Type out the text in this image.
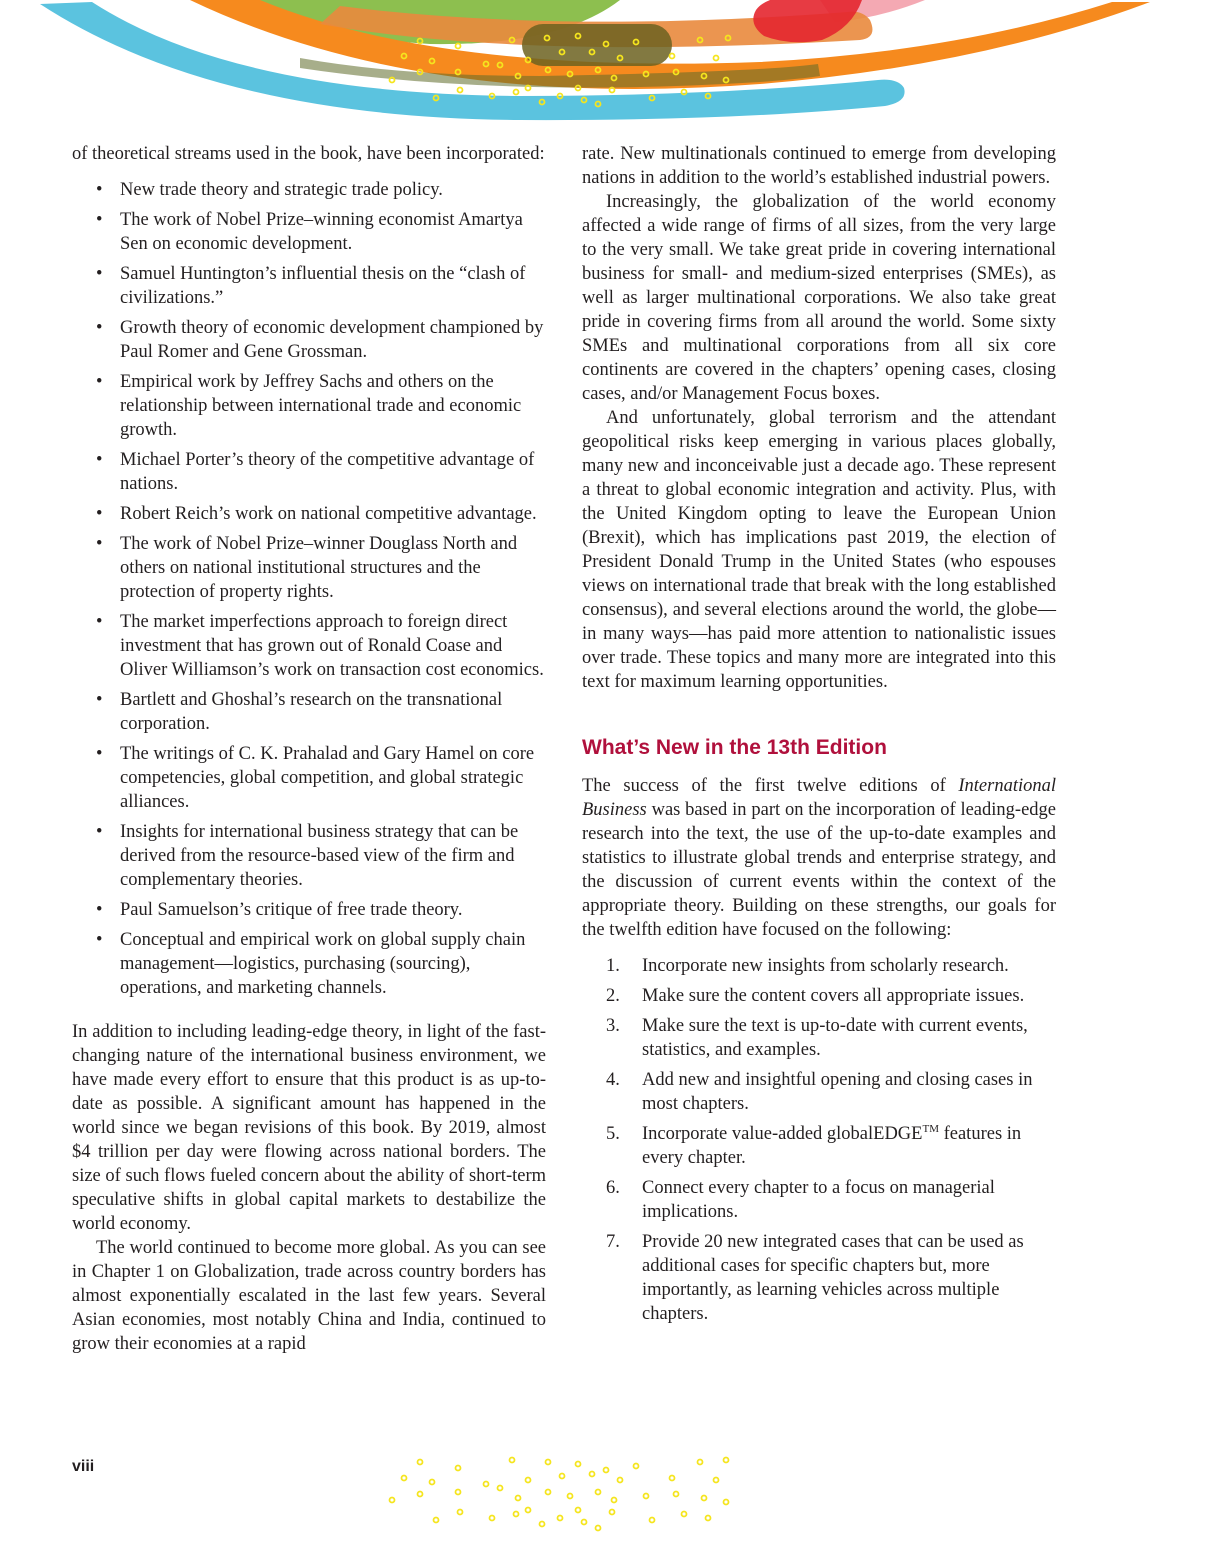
of theoretical streams used in the book, have been incorporated:

• New trade theory and strategic trade policy.
• The work of Nobel Prize–winning economist Amartya Sen on economic development.
• Samuel Huntington’s influential thesis on the “clash of civilizations.”
• Growth theory of economic development championed by Paul Romer and Gene Grossman.
• Empirical work by Jeffrey Sachs and others on the relationship between international trade and economic growth.
• Michael Porter’s theory of the competitive advantage of nations.
• Robert Reich’s work on national competitive advantage.
• The work of Nobel Prize–winner Douglass North and others on national institutional structures and the protection of property rights.
• The market imperfections approach to foreign direct investment that has grown out of Ronald Coase and Oliver Williamson’s work on transaction cost economics.
• Bartlett and Ghoshal’s research on the transnational corporation.
• The writings of C. K. Prahalad and Gary Hamel on core competencies, global competition, and global strategic alliances.
• Insights for international business strategy that can be derived from the resource-based view of the firm and complementary theories.
• Paul Samuelson’s critique of free trade theory.
• Conceptual and empirical work on global supply chain management—logistics, purchasing (sourcing), operations, and marketing channels.

In addition to including leading-edge theory, in light of the fast-changing nature of the international business environment, we have made every effort to ensure that this product is as up-to-date as possible. A significant amount has happened in the world since we began revisions of this book. By 2019, almost $4 trillion per day were flowing across national borders. The size of such flows fueled concern about the ability of short-term speculative shifts in global capital markets to destabilize the world economy.

The world continued to become more global. As you can see in Chapter 1 on Globalization, trade across country borders has almost exponentially escalated in the last few years. Several Asian economies, most notably China and India, continued to grow their economies at a rapid

rate. New multinationals continued to emerge from developing nations in addition to the world’s established industrial powers.

Increasingly, the globalization of the world economy affected a wide range of firms of all sizes, from the very large to the very small. We take great pride in covering international business for small- and medium-sized enterprises (SMEs), as well as larger multinational corporations. We also take great pride in covering firms from all around the world. Some sixty SMEs and multinational corporations from all six core continents are covered in the chapters’ opening cases, closing cases, and/or Management Focus boxes.

And unfortunately, global terrorism and the attendant geopolitical risks keep emerging in various places globally, many new and inconceivable just a decade ago. These represent a threat to global economic integration and activity. Plus, with the United Kingdom opting to leave the European Union (Brexit), which has implications past 2019, the election of President Donald Trump in the United States (who espouses views on international trade that break with the long established consensus), and several elections around the world, the globe—in many ways—has paid more attention to nationalistic issues over trade. These topics and many more are integrated into this text for maximum learning opportunities.

What’s New in the 13th Edition

The success of the first twelve editions of International Business was based in part on the incorporation of leading-edge research into the text, the use of the up-to-date examples and statistics to illustrate global trends and enterprise strategy, and the discussion of current events within the context of the appropriate theory. Building on these strengths, our goals for the twelfth edition have focused on the following:

1. Incorporate new insights from scholarly research.
2. Make sure the content covers all appropriate issues.
3. Make sure the text is up-to-date with current events, statistics, and examples.
4. Add new and insightful opening and closing cases in most chapters.
5. Incorporate value-added globalEDGE™ features in every chapter.
6. Connect every chapter to a focus on managerial implications.
7. Provide 20 new integrated cases that can be used as additional cases for specific chapters but, more importantly, as learning vehicles across multiple chapters.
viii
